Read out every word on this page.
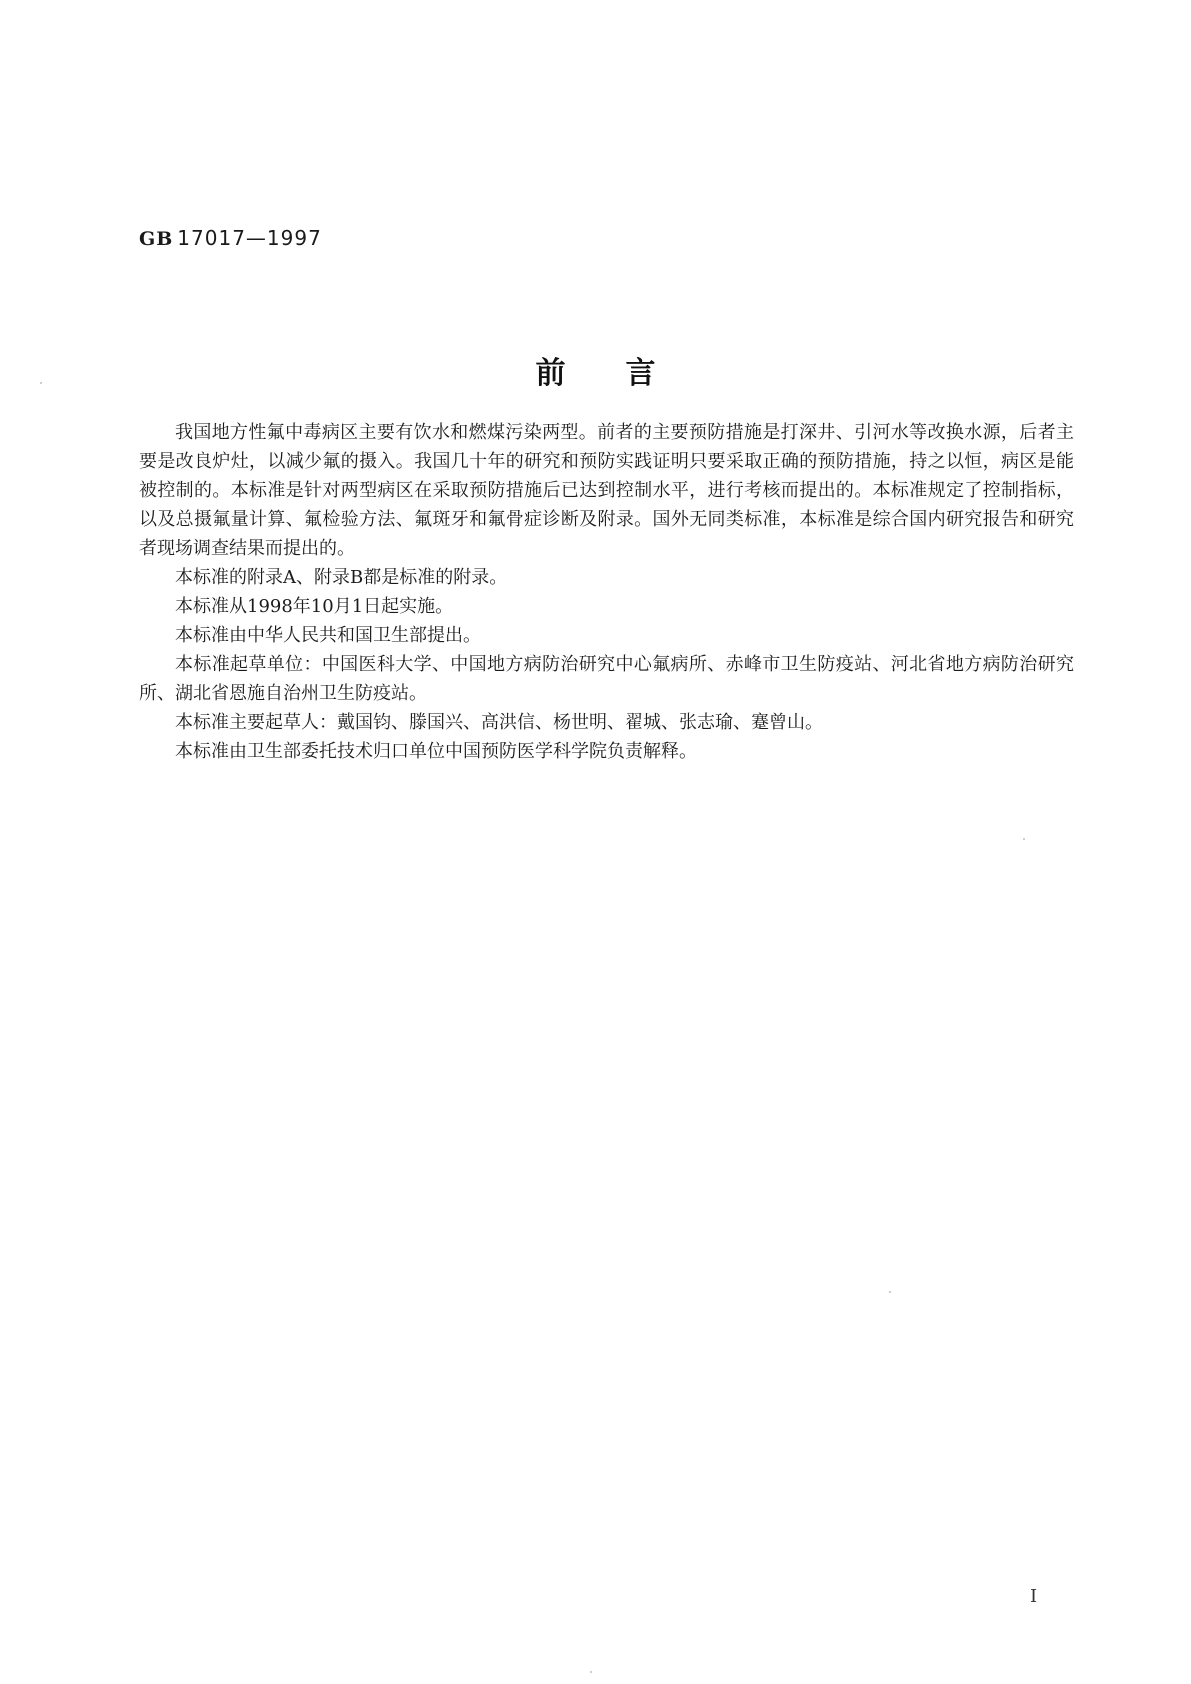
GB 17017—1997
前言

我国地方性氟中毒病区主要有饮水和燃煤污染两型。前者的主要预防措施是打深井、引河水等改换水源，后者主要是改良炉灶，以减少氟的摄入。我国几十年的研究和预防实践证明只要采取正确的预防措施，持之以恒，病区是能被控制的。本标准是针对两型病区在采取预防措施后已达到控制水平，进行考核而提出的。本标准规定了控制指标，以及总摄氟量计算、氟检验方法、氟斑牙和氟骨症诊断及附录。国外无同类标准，本标准是综合国内研究报告和研究者现场调查结果而提出的。

本标准的附录A、附录B都是标准的附录。

本标准从1998年10月1日起实施。

本标准由中华人民共和国卫生部提出。

本标准起草单位：中国医科大学、中国地方病防治研究中心氟病所、赤峰市卫生防疫站、河北省地方病防治研究所、湖北省恩施自治州卫生防疫站。

本标准主要起草人：戴国钧、滕国兴、高洪信、杨世明、翟城、张志瑜、蹇曾山。

本标准由卫生部委托技术归口单位中国预防医学科学院负责解释。

I
